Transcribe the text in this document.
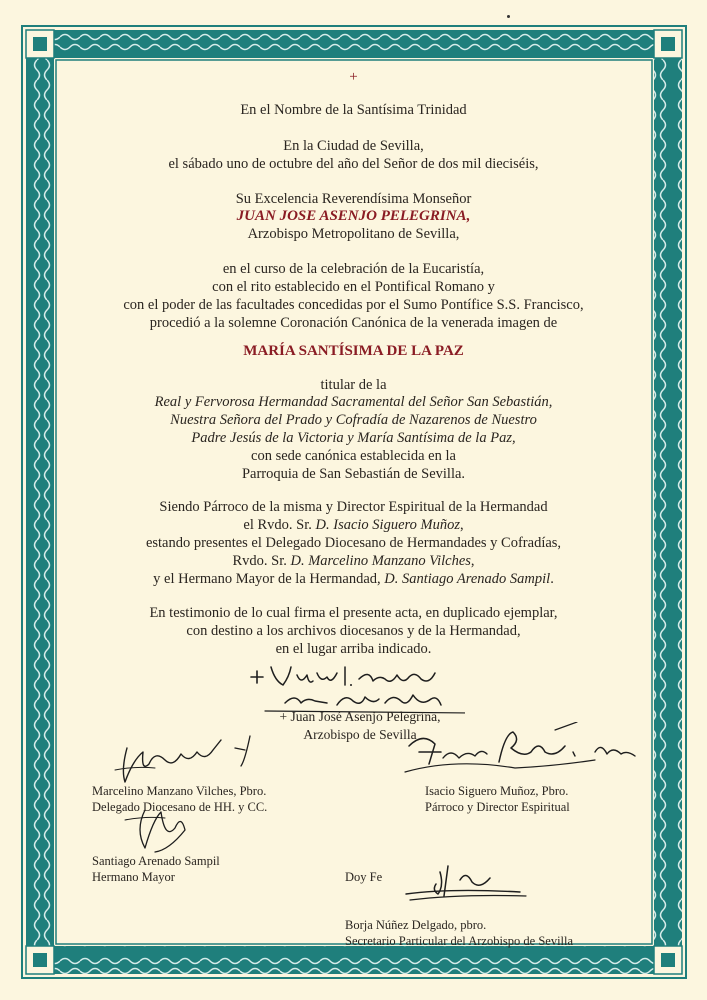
+
En el Nombre de la Santísima Trinidad
En la Ciudad de Sevilla,
el sábado uno de octubre del año del Señor de dos mil dieciséis,
Su Excelencia Reverendísima Monseñor
JUAN JOSE ASENJO PELEGRINA,
Arzobispo Metropolitano de Sevilla,
en el curso de la celebración de la Eucaristía,
con el rito establecido en el Pontifical Romano y
con el poder de las facultades concedidas por el Sumo Pontífice S.S. Francisco,
procedió a la solemne Coronación Canónica de la venerada imagen de
MARÍA SANTÍSIMA DE LA PAZ
titular de la
Real y Fervorosa Hermandad Sacramental del Señor San Sebastián,
Nuestra Señora del Prado y Cofradía de Nazarenos de Nuestro
Padre Jesús de la Victoria y María Santísima de la Paz,
con sede canónica establecida en la
Parroquia de San Sebastián de Sevilla.
Siendo Párroco de la misma y Director Espiritual de la Hermandad
el Rvdo. Sr. D. Isacio Siguero Muñoz,
estando presentes el Delegado Diocesano de Hermandades y Cofradías,
Rvdo. Sr. D. Marcelino Manzano Vilches,
y el Hermano Mayor de la Hermandad, D. Santiago Arenado Sampil.
En testimonio de lo cual firma el presente acta, en duplicado ejemplar,
con destino a los archivos diocesanos y de la Hermandad,
en el lugar arriba indicado.
+ Juan José Asenjo Pelegrina,
Arzobispo de Sevilla
Marcelino Manzano Vilches, Pbro.
Delegado Diocesano de HH. y CC.
Isacio Siguero Muñoz, Pbro.
Párroco y Director Espiritual
Santiago Arenado Sampil
Hermano Mayor	Doy Fe
Borja Núñez Delgado, pbro.
Secretario Particular del Arzobispo de Sevilla
